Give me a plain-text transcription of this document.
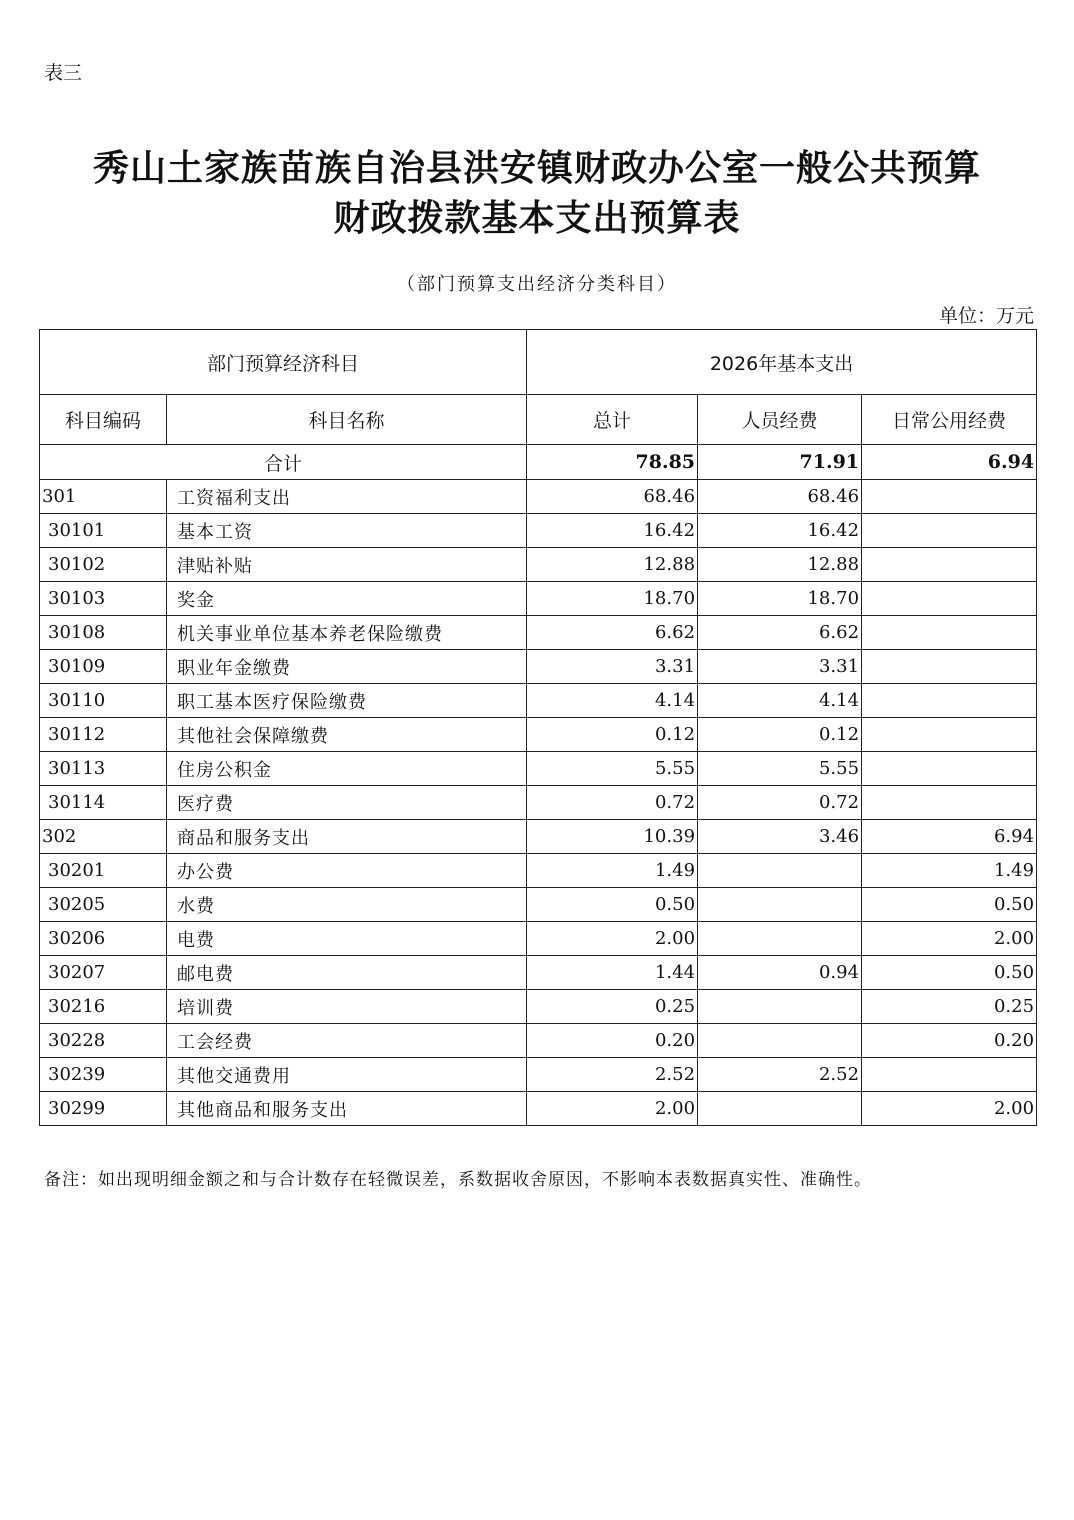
表三
秀山土家族苗族自治县洪安镇财政办公室一般公共预算
财政拨款基本支出预算表
（部门预算支出经济分类科目）
单位：万元
部门预算经济科目		2026年基本支出		
科目编码	科目名称	总计	人员经费	日常公用经费
合计		78.85	71.91	6.94
301	工资福利支出	68.46	68.46	
30101	基本工资	16.42	16.42	
30102	津贴补贴	12.88	12.88	
30103	奖金	18.70	18.70	
30108	机关事业单位基本养老保险缴费	6.62	6.62	
30109	职业年金缴费	3.31	3.31	
30110	职工基本医疗保险缴费	4.14	4.14	
30112	其他社会保障缴费	0.12	0.12	
30113	住房公积金	5.55	5.55	
30114	医疗费	0.72	0.72	
302	商品和服务支出	10.39	3.46	6.94
30201	办公费	1.49		1.49
30205	水费	0.50		0.50
30206	电费	2.00		2.00
30207	邮电费	1.44	0.94	0.50
30216	培训费	0.25		0.25
30228	工会经费	0.20		0.20
30239	其他交通费用	2.52	2.52	
30299	其他商品和服务支出	2.00		2.00
备注：如出现明细金额之和与合计数存在轻微误差，系数据收舍原因，不影响本表数据真实性、准确性。
